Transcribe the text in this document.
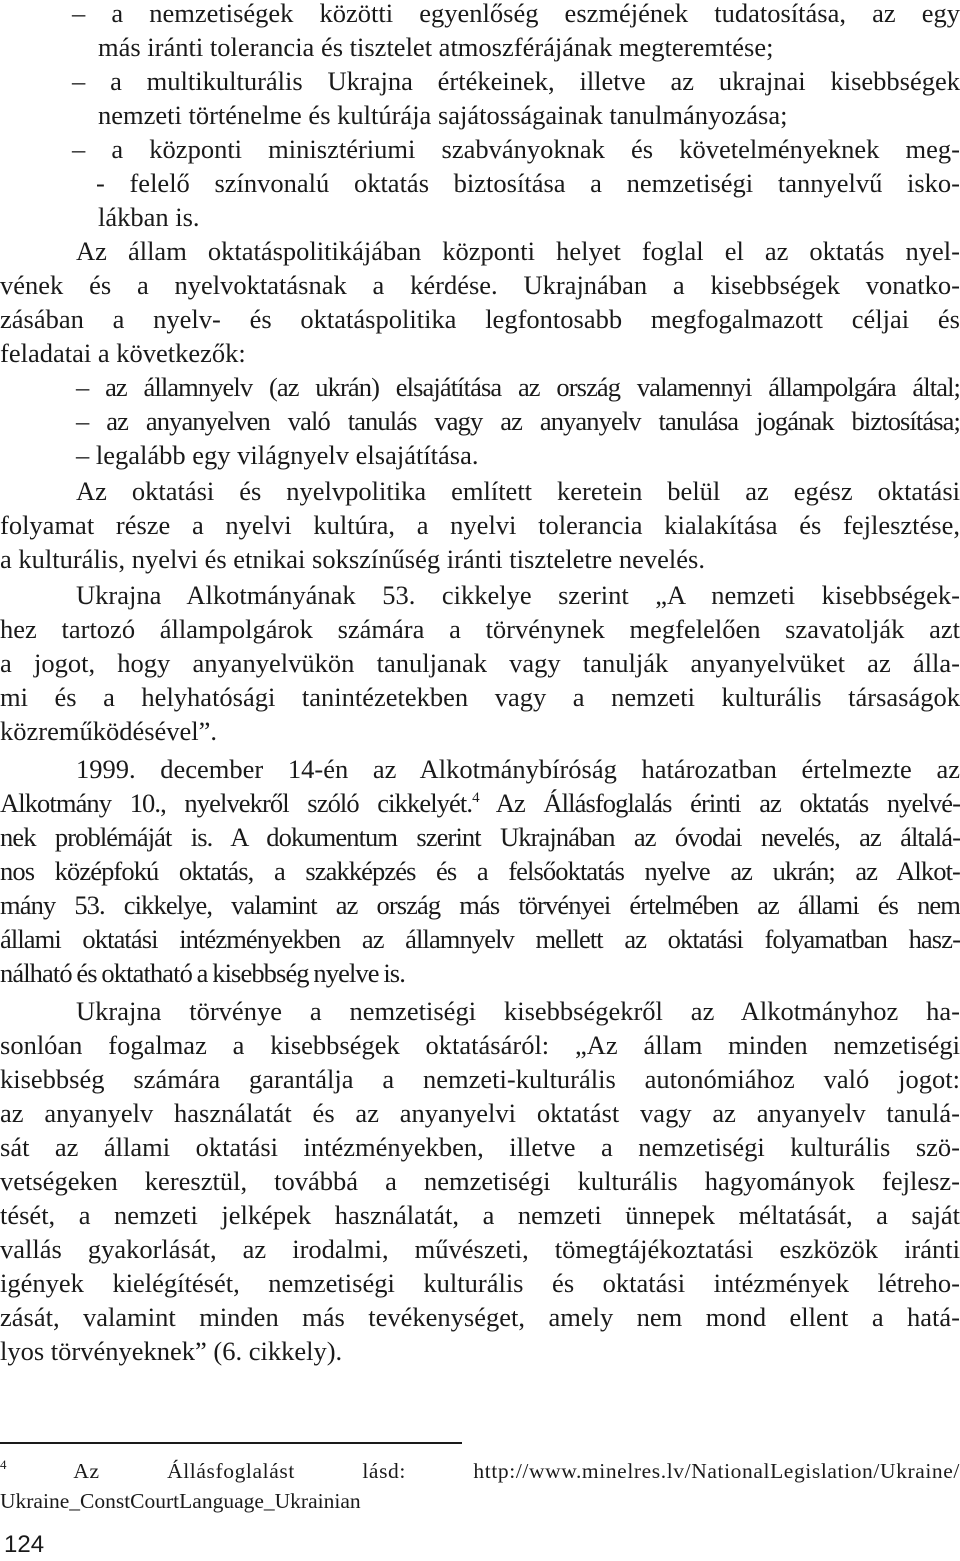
– a nemzetiségek közötti egyenlőség eszméjének tudatosítása, az egy
más iránti tolerancia és tisztelet atmoszférájának megteremtése;
– a multikulturális Ukrajna értékeinek, illetve az ukrajnai kisebbségek
nemzeti történelme és kultúrája sajátosságainak tanulmányozása;
– a központi minisztériumi szabványoknak és követelményeknek meg-
- felelő színvonalú oktatás biztosítása a nemzetiségi tannyelvű isko-
lákban is.
Az állam oktatáspolitikájában központi helyet foglal el az oktatás nyel-
vének és a nyelvoktatásnak a kérdése. Ukrajnában a kisebbségek vonatko-
zásában a nyelv- és oktatáspolitika legfontosabb megfogalmazott céljai és
feladatai a következők:
– az államnyelv (az ukrán) elsajátítása az ország valamennyi állampolgára által;
– az anyanyelven való tanulás vagy az anyanyelv tanulása jogának biztosítása;
– legalább egy világnyelv elsajátítása.
Az oktatási és nyelvpolitika említett keretein belül az egész oktatási
folyamat része a nyelvi kultúra, a nyelvi tolerancia kialakítása és fejlesztése,
a kulturális, nyelvi és etnikai sokszínűség iránti tiszteletre nevelés.
Ukrajna Alkotmányának 53. cikkelye szerint „A nemzeti kisebbségek-
hez tartozó állampolgárok számára a törvénynek megfelelően szavatolják azt
a jogot, hogy anyanyelvükön tanuljanak vagy tanulják anyanyelvüket az álla-
mi és a helyhatósági tanintézetekben vagy a nemzeti kulturális társaságok
közreműködésével”.
1999. december 14-én az Alkotmánybíróság határozatban értelmezte az
Alkotmány 10., nyelvekről szóló cikkelyét.$^4$ Az Állásfoglalás érinti az oktatás nyelvé-
nek problémáját is. A dokumentum szerint Ukrajnában az óvodai nevelés, az általá-
nos középfokú oktatás, a szakképzés és a felsőoktatás nyelve az ukrán; az Alkot-
mány 53. cikkelye, valamint az ország más törvényei értelmében az állami és nem
állami oktatási intézményekben az államnyelv mellett az oktatási folyamatban hasz-
nálható és oktatható a kisebbség nyelve is.
Ukrajna törvénye a nemzetiségi kisebbségekről az Alkotmányhoz ha-
sonlóan fogalmaz a kisebbségek oktatásáról: „Az állam minden nemzetiségi
kisebbség számára garantálja a nemzeti-kulturális autonómiához való jogot:
az anyanyelv használatát és az anyanyelvi oktatást vagy az anyanyelv tanulá-
sát az állami oktatási intézményekben, illetve a nemzetiségi kulturális szö-
vetségeken keresztül, továbbá a nemzetiségi kulturális hagyományok fejlesz-
tését, a nemzeti jelképek használatát, a nemzeti ünnepek méltatását, a saját
vallás gyakorlását, az irodalmi, művészeti, tömegtájékoztatási eszközök iránti
igények kielégítését, nemzetiségi kulturális és oktatási intézmények létreho-
zását, valamint minden más tevékenységet, amely nem mond ellent a hatá-
lyos törvényeknek” (6. cikkely).
$^4$ Az Állásfoglalást lásd: http://www.minelres.lv/NationalLegislation/Ukraine/
Ukraine_ConstCourtLanguage_Ukrainian
124
